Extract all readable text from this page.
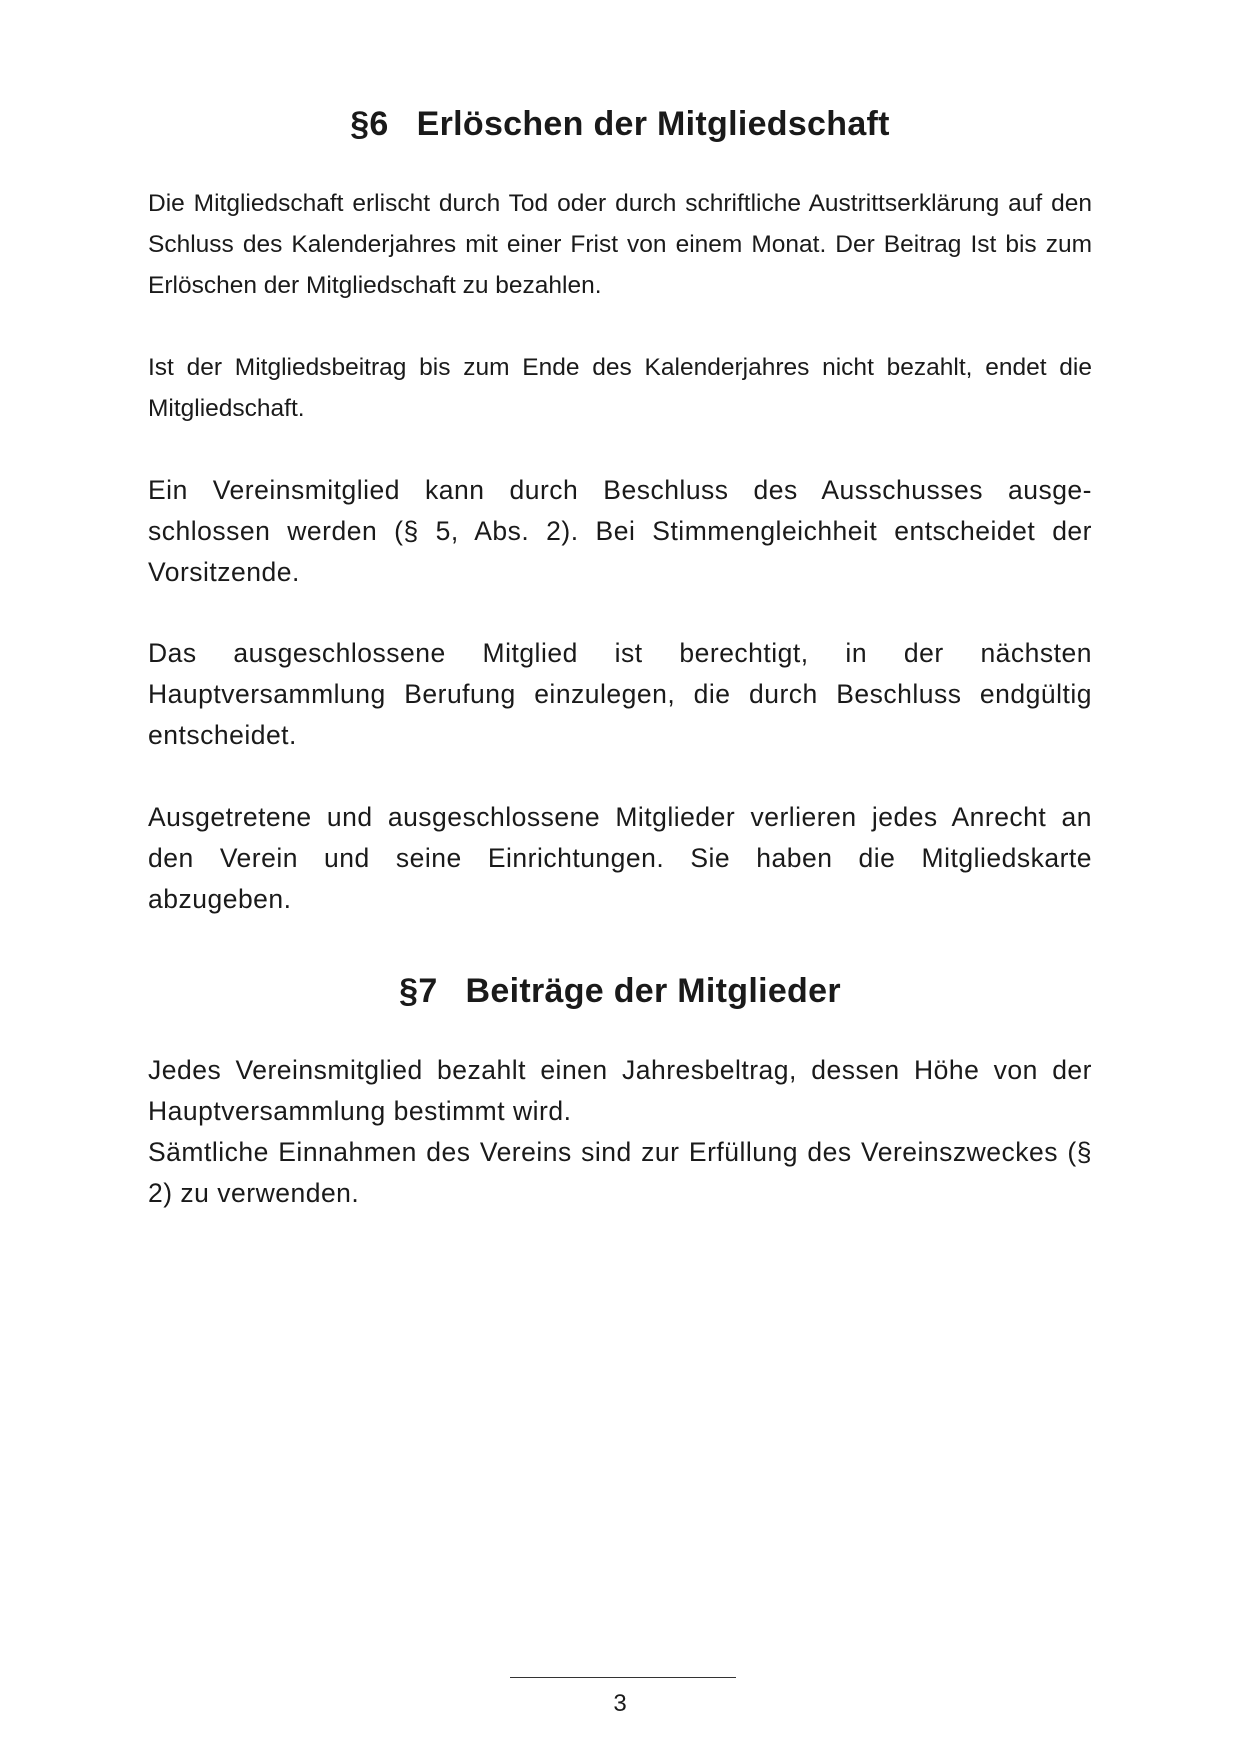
§6 Erlöschen der Mitgliedschaft
Die Mitgliedschaft erlischt durch Tod oder durch schriftliche Austrittserklärung auf den Schluss des Kalenderjahres mit einer Frist von einem Monat. Der Beitrag Ist bis zum Erlöschen der Mitgliedschaft zu bezahlen.
Ist der Mitgliedsbeitrag bis zum Ende des Kalenderjahres nicht bezahlt, endet die Mitgliedschaft.
Ein Vereinsmitglied kann durch Beschluss des Ausschusses ausge-schlossen werden (§ 5, Abs. 2). Bei Stimmengleichheit entscheidet der Vorsitzende.
Das ausgeschlossene Mitglied ist berechtigt, in der nächsten Hauptversammlung Berufung einzulegen, die durch Beschluss endgültig entscheidet.
Ausgetretene und ausgeschlossene Mitglieder verlieren jedes Anrecht an den Verein und seine Einrichtungen. Sie haben die Mitgliedskarte abzugeben.
§7 Beiträge der Mitglieder
Jedes Vereinsmitglied bezahlt einen Jahresbeltrag, dessen Höhe von der Hauptversammlung bestimmt wird.
Sämtliche Einnahmen des Vereins sind zur Erfüllung des Vereinszweckes (§ 2) zu verwenden.
3
